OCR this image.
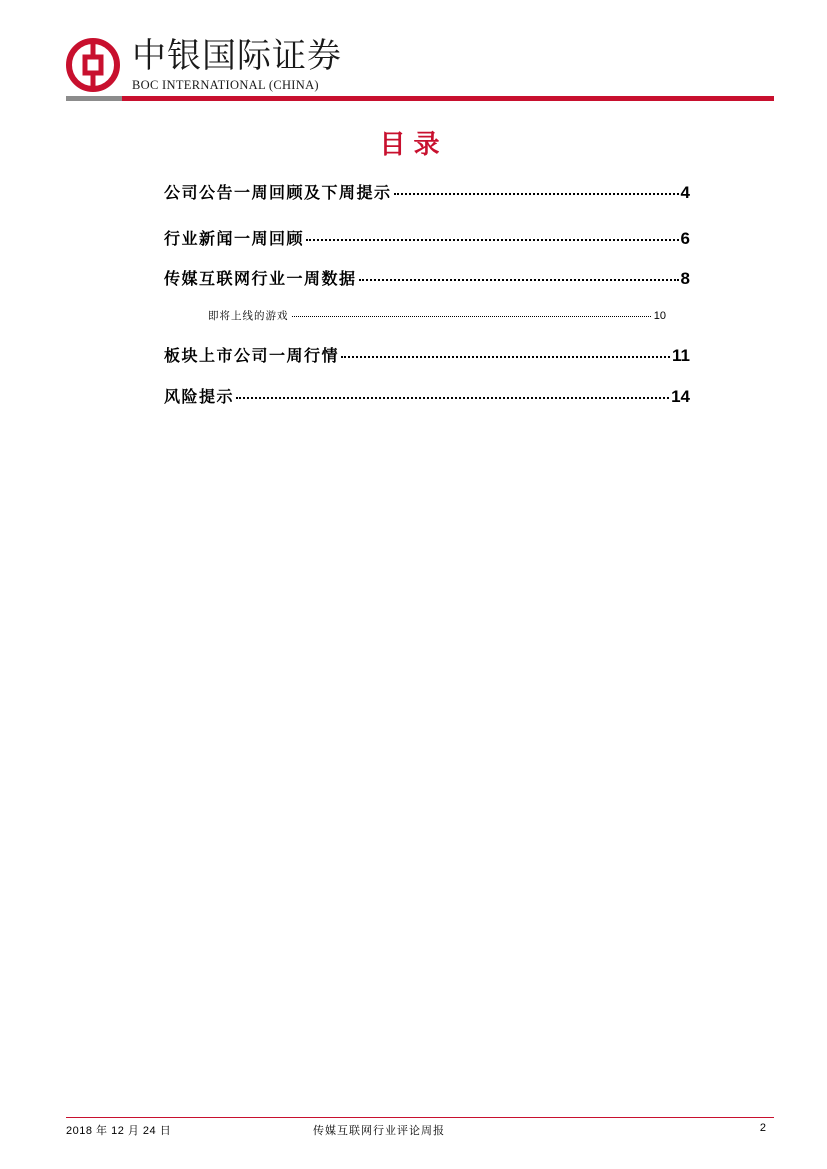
中银国际证券
BOC INTERNATIONAL (CHINA)
目录
公司公告一周回顾及下周提示	4
行业新闻一周回顾	6
传媒互联网行业一周数据	8
即将上线的游戏	10
板块上市公司一周行情	11
风险提示	14
2018 年 12 月 24 日	传媒互联网行业评论周报	2
